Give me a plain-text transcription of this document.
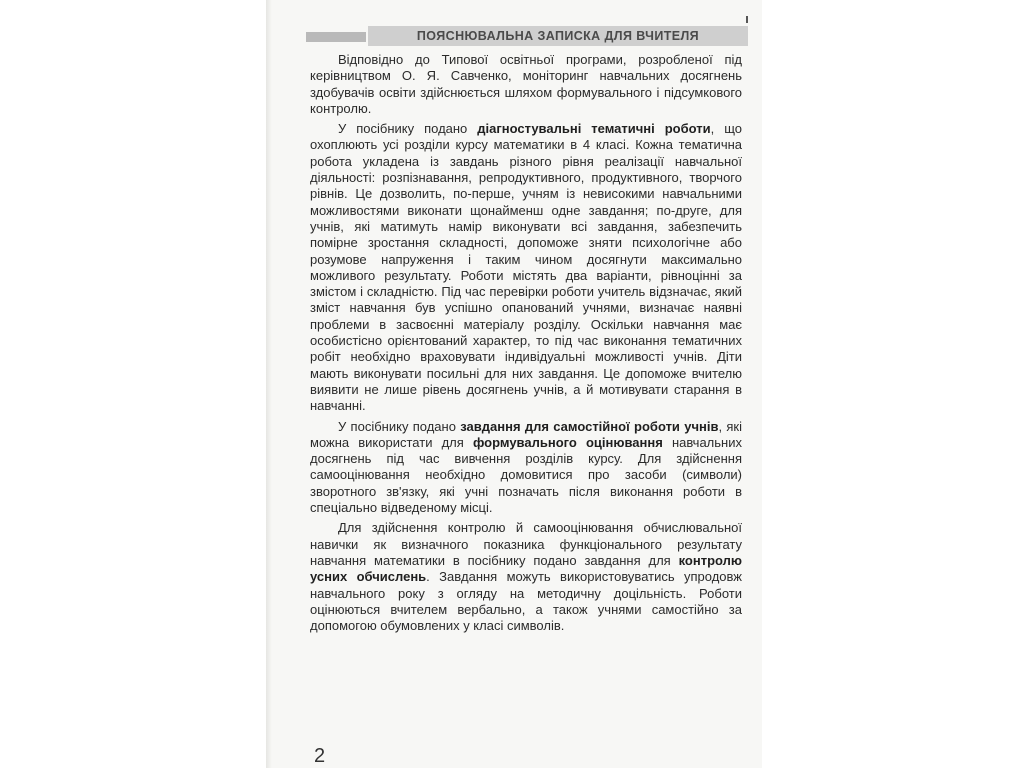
ПОЯСНЮВАЛЬНА ЗАПИСКА ДЛЯ ВЧИТЕЛЯ

Відповідно до Типової освітньої програми, розробленої під керівництвом О. Я. Савченко, моніторинг навчальних досягнень здобувачів освіти здійснюється шляхом формувального і підсумкового контролю.

У посібнику подано діагностувальні тематичні роботи, що охоплюють усі розділи курсу математики в 4 класі. Кожна тематична робота укладена із завдань різного рівня реалізації навчальної діяльності: розпізнавання, репродуктивного, продуктивного, творчого рівнів. Це дозволить, по-перше, учням із невисокими навчальними можливостями виконати щонайменш одне завдання; по-друге, для учнів, які матимуть намір виконувати всі завдання, забезпечить помірне зростання складності, допоможе зняти психологічне або розумове напруження і таким чином досягнути максимально можливого результату. Роботи містять два варіанти, рівноцінні за змістом і складністю. Під час перевірки роботи учитель відзначає, який зміст навчання був успішно опанований учнями, визначає наявні проблеми в засвоєнні матеріалу розділу. Оскільки навчання має особистісно орієнтований характер, то під час виконання тематичних робіт необхідно враховувати індивідуальні можливості учнів. Діти мають виконувати посильні для них завдання. Це допоможе вчителю виявити не лише рівень досягнень учнів, а й мотивувати старання в навчанні.

У посібнику подано завдання для самостійної роботи учнів, які можна використати для формувального оцінювання навчальних досягнень під час вивчення розділів курсу. Для здійснення самооцінювання необхідно домовитися про засоби (символи) зворотного зв'язку, які учні позначать після виконання роботи в спеціально відведеному місці.

Для здійснення контролю й самооцінювання обчислювальної навички як визначного показника функціонального результату навчання математики в посібнику подано завдання для контролю усних обчислень. Завдання можуть використовуватись упродовж навчального року з огляду на методичну доцільність. Роботи оцінюються вчителем вербально, а також учнями самостійно за допомогою обумовлених у класі символів.

2
